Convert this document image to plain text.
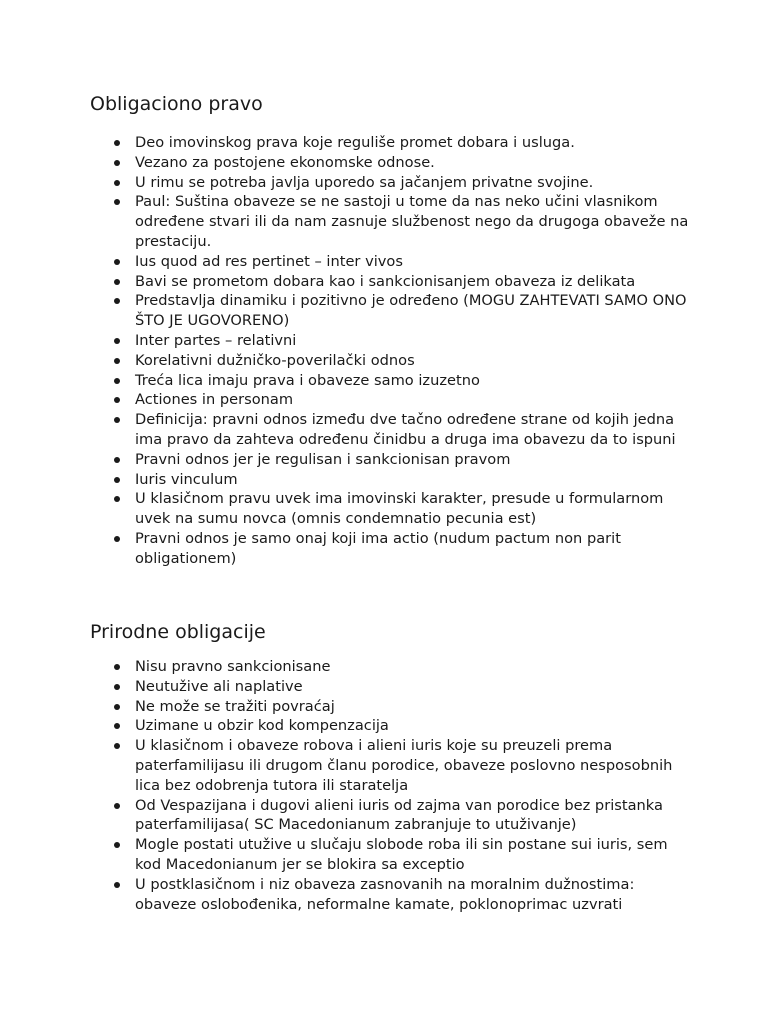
Obligaciono pravo
Deo imovinskog prava koje reguliše promet dobara i usluga.
Vezano za postojene ekonomske odnose.
U rimu se potreba javlja uporedo sa jačanjem privatne svojine.
Paul: Suština obaveze se ne sastoji u tome da nas neko učini vlasnikom određene stvari ili da nam zasnuje službenost nego da drugoga obaveže na prestaciju.
Ius quod ad res pertinet – inter vivos
Bavi se prometom dobara kao i sankcionisanjem obaveza iz delikata
Predstavlja dinamiku i pozitivno je određeno (MOGU ZAHTEVATI SAMO ONO ŠTO JE UGOVORENO)
Inter partes – relativni
Korelativni dužničko-poverilački odnos
Treća lica imaju prava i obaveze samo izuzetno
Actiones in personam
Definicija: pravni odnos između dve tačno određene strane od kojih jedna ima pravo da zahteva određenu činidbu a druga ima obavezu da to ispuni
Pravni odnos jer je regulisan i sankcionisan pravom
Iuris vinculum
U klasičnom pravu uvek ima imovinski karakter, presude u formularnom uvek na sumu novca (omnis condemnatio pecunia est)
Pravni odnos je samo onaj koji ima actio (nudum pactum non parit obligationem)
Prirodne obligacije
Nisu pravno sankcionisane
Neutužive ali naplative
Ne može se tražiti povraćaj
Uzimane u obzir kod kompenzacija
U klasičnom i obaveze robova i alieni iuris koje su preuzeli prema paterfamilijasu ili drugom članu porodice, obaveze poslovno nesposobnih lica bez odobrenja tutora ili staratelja
Od Vespazijana i dugovi alieni iuris od zajma van porodice bez pristanka paterfamilijasa( SC Macedonianum zabranjuje to utuživanje)
Mogle postati utužive u slučaju slobode roba ili sin postane sui iuris, sem kod Macedonianum jer se blokira sa exceptio
U postklasičnom i niz obaveza zasnovanih na moralnim dužnostima: obaveze oslobođenika, neformalne kamate, poklonoprimac uzvrati
